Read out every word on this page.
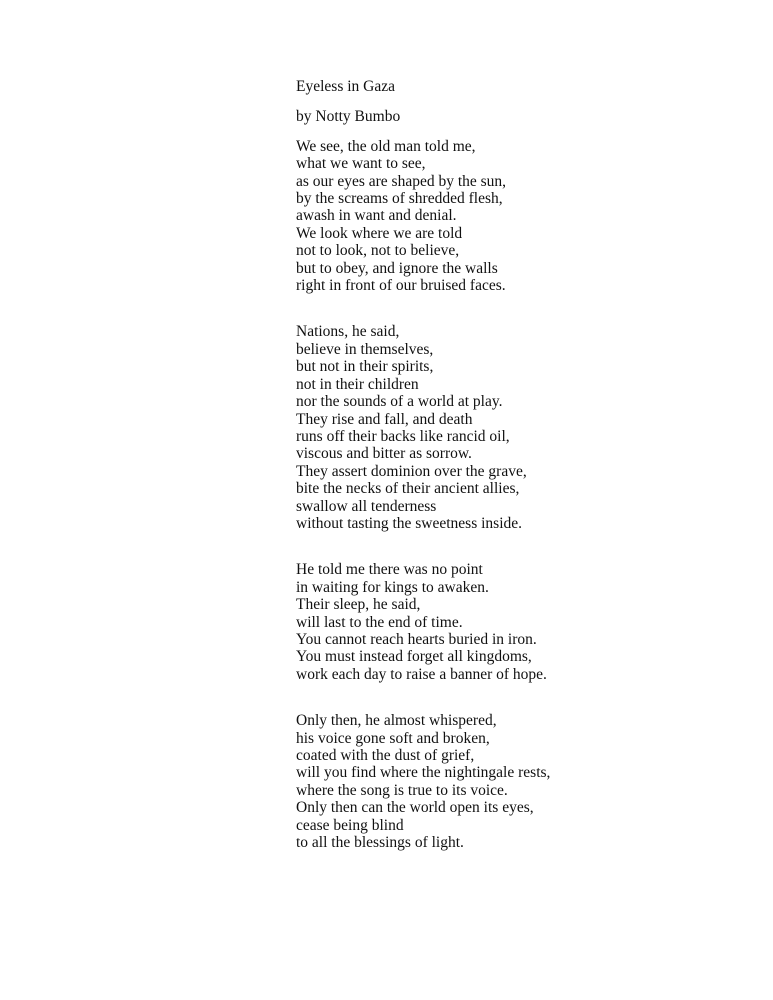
Eyeless in Gaza

by Notty Bumbo

We see, the old man told me,
what we want to see,
as our eyes are shaped by the sun,
by the screams of shredded flesh,
awash in want and denial.
We look where we are told
not to look, not to believe,
but to obey, and ignore the walls
right in front of our bruised faces.

Nations, he said,
believe in themselves,
but not in their spirits,
not in their children
nor the sounds of a world at play.
They rise and fall, and death
runs off their backs like rancid oil,
viscous and bitter as sorrow.
They assert dominion over the grave,
bite the necks of their ancient allies,
swallow all tenderness
without tasting the sweetness inside.

He told me there was no point
in waiting for kings to awaken.
Their sleep, he said,
will last to the end of time.
You cannot reach hearts buried in iron.
You must instead forget all kingdoms,
work each day to raise a banner of hope.

Only then, he almost whispered,
his voice gone soft and broken,
coated with the dust of grief,
will you find where the nightingale rests,
where the song is true to its voice.
Only then can the world open its eyes,
cease being blind
to all the blessings of light.
